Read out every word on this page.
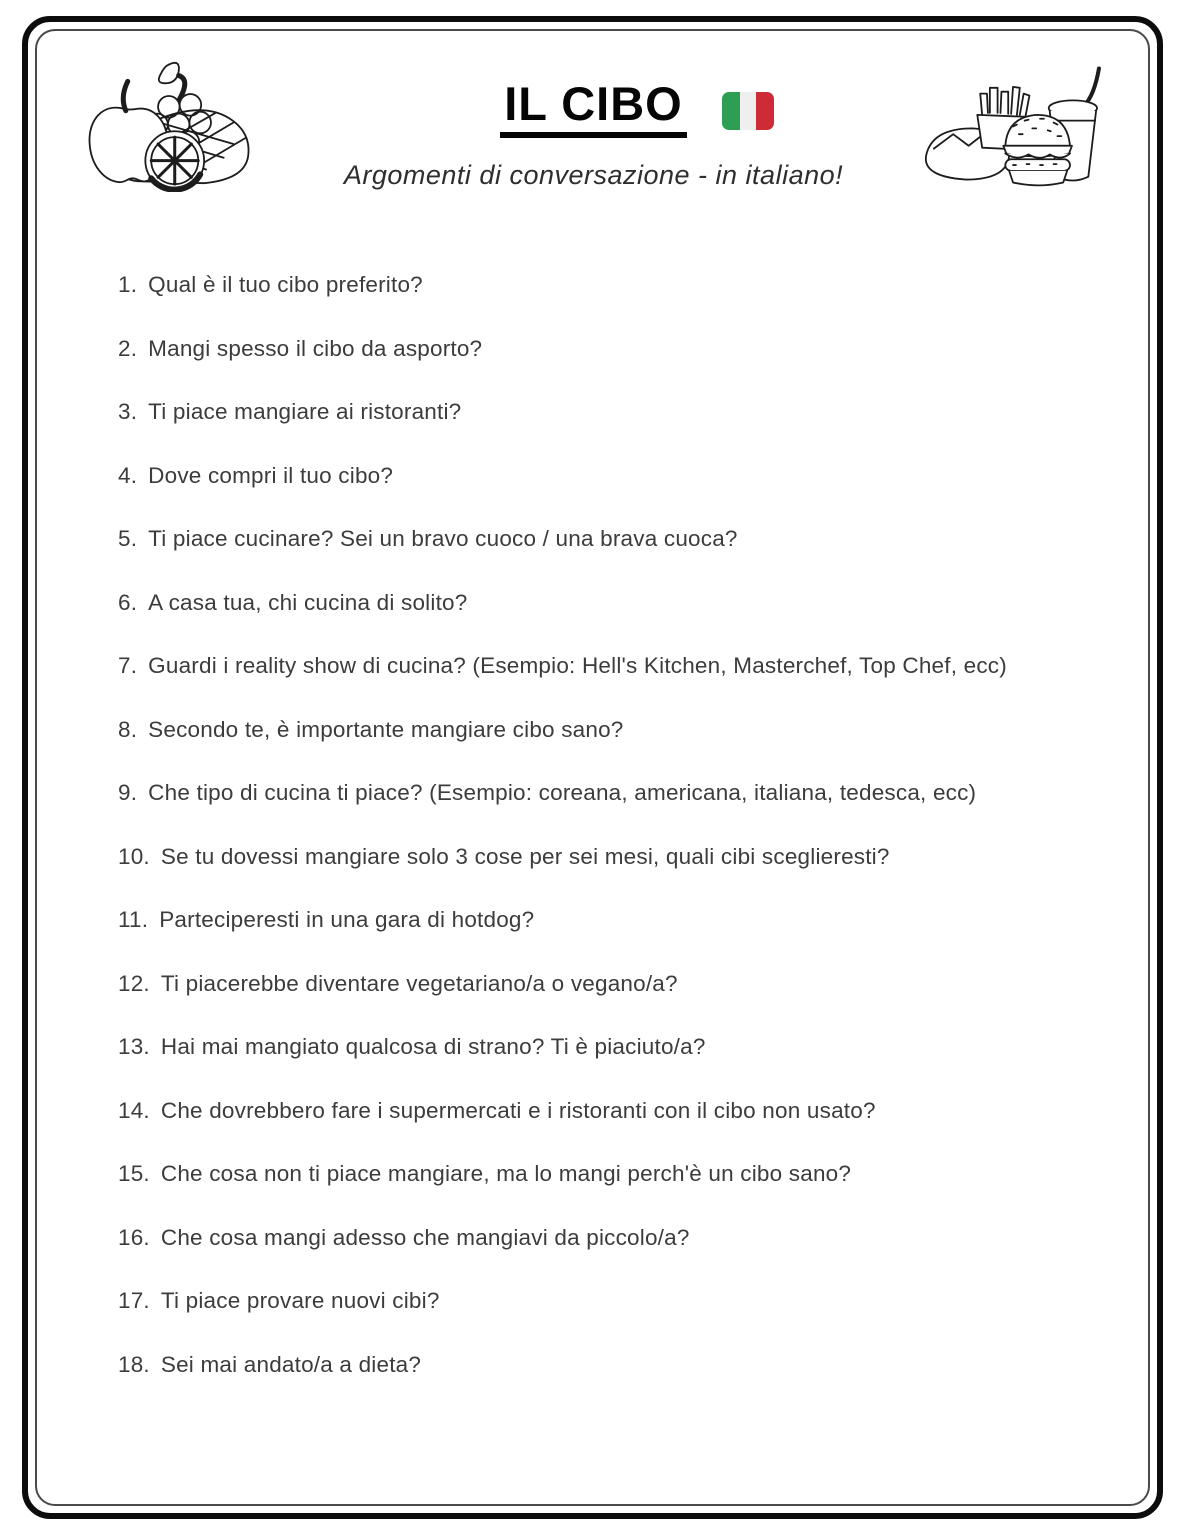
IL CIBO
Argomenti di conversazione - in italiano!
1. Qual è il tuo cibo preferito?
2. Mangi spesso il cibo da asporto?
3. Ti piace mangiare ai ristoranti?
4. Dove compri il tuo cibo?
5. Ti piace cucinare? Sei un bravo cuoco / una brava cuoca?
6. A casa tua, chi cucina di solito?
7. Guardi i reality show di cucina? (Esempio: Hell's Kitchen, Masterchef, Top Chef, ecc)
8. Secondo te, è importante mangiare cibo sano?
9. Che tipo di cucina ti piace? (Esempio: coreana, americana, italiana, tedesca, ecc)
10. Se tu dovessi mangiare solo 3 cose per sei mesi, quali cibi sceglieresti?
11. Parteciperesti in una gara di hotdog?
12. Ti piacerebbe diventare vegetariano/a o vegano/a?
13. Hai mai mangiato qualcosa di strano? Ti è piaciuto/a?
14. Che dovrebbero fare i supermercati e i ristoranti con il cibo non usato?
15. Che cosa non ti piace mangiare, ma lo mangi perch'è un cibo sano?
16. Che cosa mangi adesso che mangiavi da piccolo/a?
17. Ti piace provare nuovi cibi?
18. Sei mai andato/a a dieta?
